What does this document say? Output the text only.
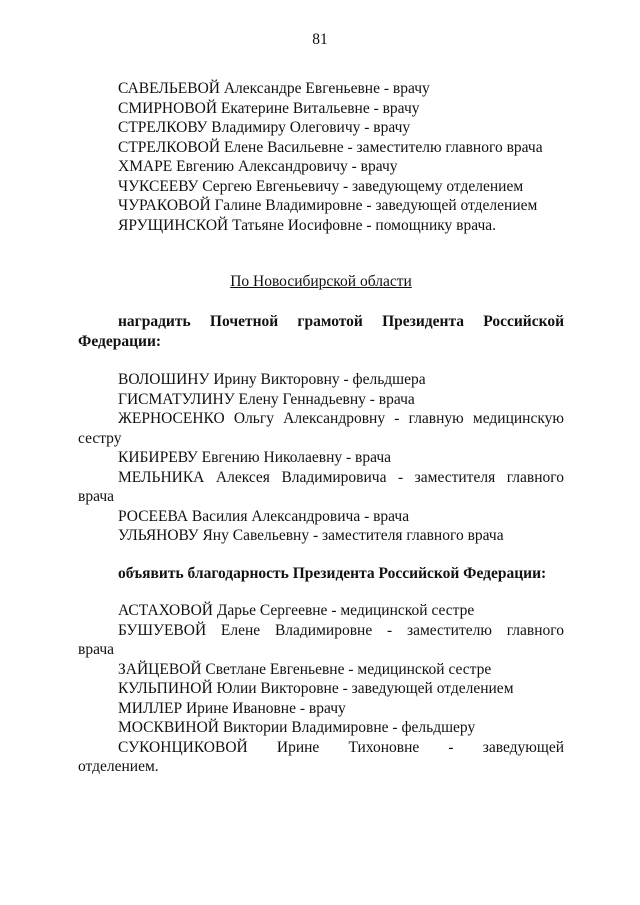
81
САВЕЛЬЕВОЙ Александре Евгеньевне - врачу
СМИРНОВОЙ Екатерине Витальевне - врачу
СТРЕЛКОВУ Владимиру Олеговичу - врачу
СТРЕЛКОВОЙ Елене Васильевне - заместителю главного врача
ХМАРЕ Евгению Александровичу - врачу
ЧУКСЕЕВУ Сергею Евгеньевичу - заведующему отделением
ЧУРАКОВОЙ Галине Владимировне - заведующей отделением
ЯРУЩИНСКОЙ Татьяне Иосифовне - помощнику врача.
По Новосибирской области
наградить Почетной грамотой Президента Российской
Федерации:
ВОЛОШИНУ Ирину Викторовну - фельдшера
ГИСМАТУЛИНУ Елену Геннадьевну - врача
ЖЕРНОСЕНКО Ольгу Александровну - главную медицинскую
сестру
КИБИРЕВУ Евгению Николаевну - врача
МЕЛЬНИКА Алексея Владимировича - заместителя главного
врача
РОСЕЕВА Василия Александровича - врача
УЛЬЯНОВУ Яну Савельевну - заместителя главного врача
объявить благодарность Президента Российской Федерации:
АСТАХОВОЙ Дарье Сергеевне - медицинской сестре
БУШУЕВОЙ Елене Владимировне - заместителю главного
врача
ЗАЙЦЕВОЙ Светлане Евгеньевне - медицинской сестре
КУЛЬПИНОЙ Юлии Викторовне - заведующей отделением
МИЛЛЕР Ирине Ивановне - врачу
МОСКВИНОЙ Виктории Владимировне - фельдшеру
СУКОНЦИКОВОЙ Ирине Тихоновне - заведующей
отделением.
